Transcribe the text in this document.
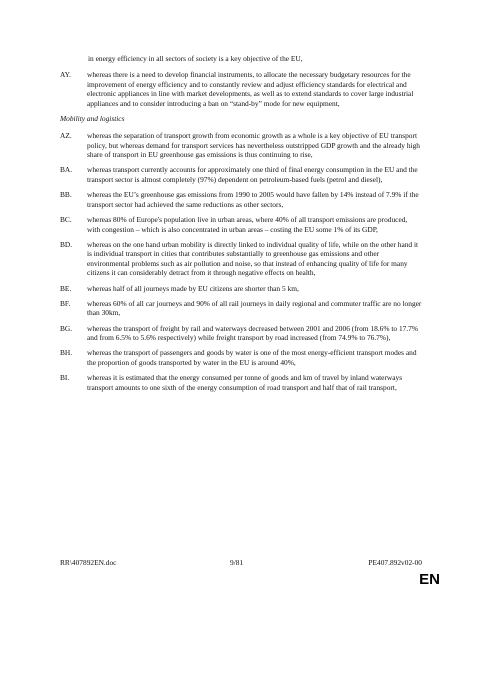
in energy efficiency in all sectors of society is a key objective of the EU,
AY.	whereas there is a need to develop financial instruments, to allocate the necessary budgetary resources for the improvement of energy efficiency and to constantly review and adjust efficiency standards for electrical and electronic appliances in line with market developments, as well as to extend standards to cover large industrial appliances and to consider introducing a ban on “stand-by” mode for new equipment,
Mobility and logistics
AZ.	whereas the separation of transport growth from economic growth as a whole is a key objective of EU transport policy, but whereas demand for transport services has nevertheless outstripped GDP growth and the already high share of transport in EU greenhouse gas emissions is thus continuing to rise,
BA.	whereas transport currently accounts for approximately one third of final energy consumption in the EU and the transport sector is almost completely (97%) dependent on petroleum-based fuels (petrol and diesel),
BB.	whereas the EU’s greenhouse gas emissions from 1990 to 2005 would have fallen by 14% instead of 7.9% if the transport sector had achieved the same reductions as other sectors,
BC.	whereas 80% of Europe's population live in urban areas, where 40% of all transport emissions are produced, with congestion – which is also concentrated in urban areas – costing the EU some 1% of its GDP,
BD.	whereas on the one hand urban mobility is directly linked to individual quality of life, while on the other hand it is individual transport in cities that contributes substantially to greenhouse gas emissions and other environmental problems such as air pollution and noise, so that instead of enhancing quality of life for many citizens it can considerably detract from it through negative effects on health,
BE.	whereas half of all journeys made by EU citizens are shorter than 5 km,
BF.	whereas 60% of all car journeys and 90% of all rail journeys in daily regional and commuter traffic are no longer than 30km,
BG.	whereas the transport of freight by rail and waterways decreased between 2001 and 2006 (from 18.6% to 17.7% and from 6.5% to 5.6% respectively) while freight transport by road increased (from 74.9% to 76.7%),
BH.	whereas the transport of passengers and goods by water is one of the most energy-efficient transport modes and the proportion of goods transported by water in the EU is around 40%,
BI.	whereas it is estimated that the energy consumed per tonne of goods and km of travel by inland waterways transport amounts to one sixth of the energy consumption of road transport and half that of rail transport,
RR\407892EN.doc	9/81	PE407.892v02-00
EN
